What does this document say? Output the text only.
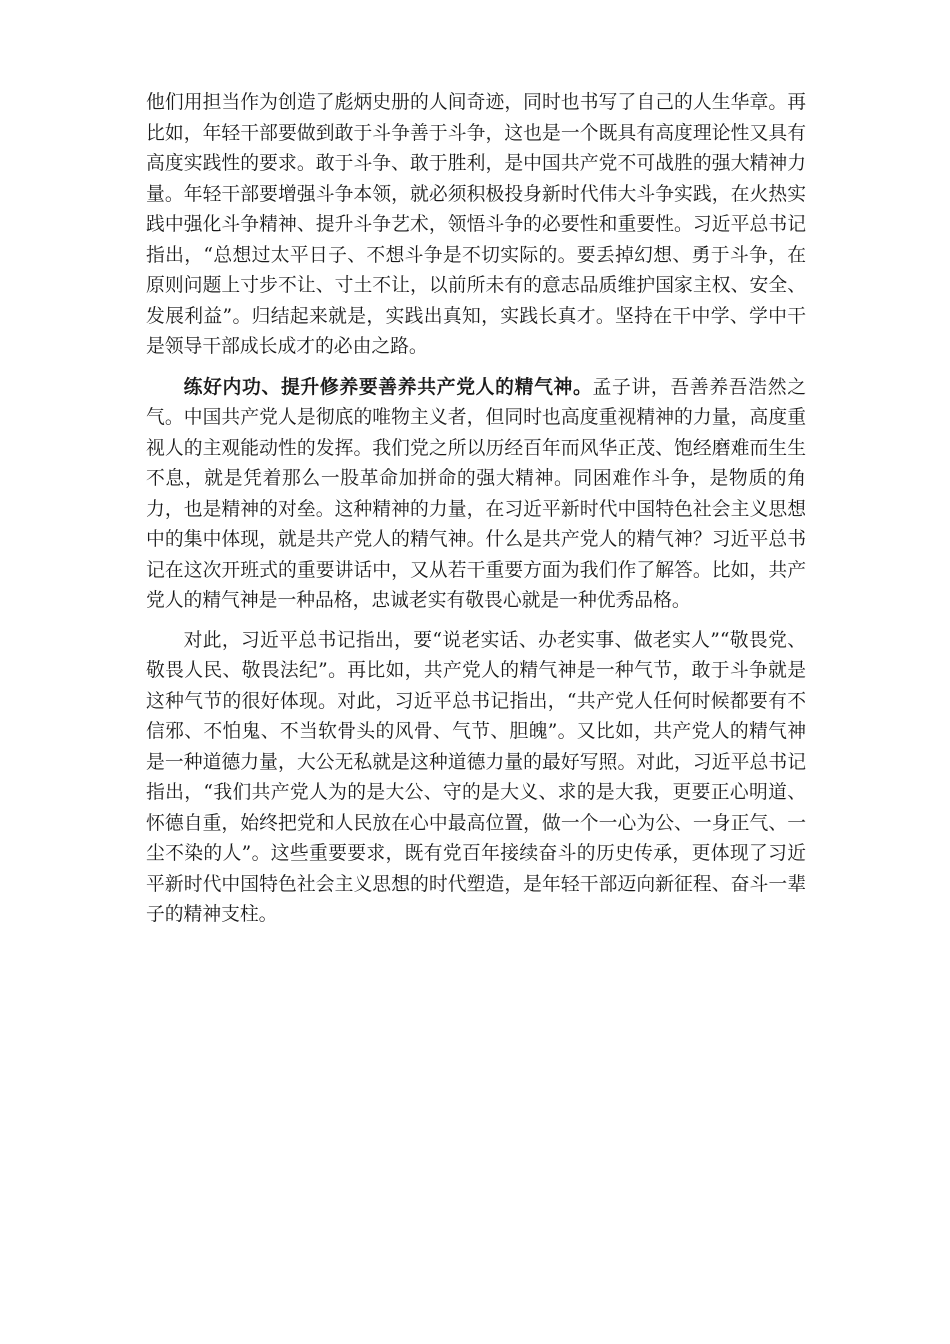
他们用担当作为创造了彪炳史册的人间奇迹，同时也书写了自己的人生华章。再比如，年轻干部要做到敢于斗争善于斗争，这也是一个既具有高度理论性又具有高度实践性的要求。敢于斗争、敢于胜利，是中国共产党不可战胜的强大精神力量。年轻干部要增强斗争本领，就必须积极投身新时代伟大斗争实践，在火热实践中强化斗争精神、提升斗争艺术，领悟斗争的必要性和重要性。习近平总书记指出，“总想过太平日子、不想斗争是不切实际的。要丢掉幻想、勇于斗争，在原则问题上寸步不让、寸土不让，以前所未有的意志品质维护国家主权、安全、发展利益”。归结起来就是，实践出真知，实践长真才。坚持在干中学、学中干是领导干部成长成才的必由之路。

练好内功、提升修养要善养共产党人的精气神。孟子讲，吾善养吾浩然之气。中国共产党人是彻底的唯物主义者，但同时也高度重视精神的力量，高度重视人的主观能动性的发挥。我们党之所以历经百年而风华正茂、饱经磨难而生生不息，就是凭着那么一股革命加拼命的强大精神。同困难作斗争，是物质的角力，也是精神的对垒。这种精神的力量，在习近平新时代中国特色社会主义思想中的集中体现，就是共产党人的精气神。什么是共产党人的精气神？习近平总书记在这次开班式的重要讲话中，又从若干重要方面为我们作了解答。比如，共产党人的精气神是一种品格，忠诚老实有敬畏心就是一种优秀品格。

对此，习近平总书记指出，要“说老实话、办老实事、做老实人”“敬畏党、敬畏人民、敬畏法纪”。再比如，共产党人的精气神是一种气节，敢于斗争就是这种气节的很好体现。对此，习近平总书记指出，“共产党人任何时候都要有不信邪、不怕鬼、不当软骨头的风骨、气节、胆魄”。又比如，共产党人的精气神是一种道德力量，大公无私就是这种道德力量的最好写照。对此，习近平总书记指出，“我们共产党人为的是大公、守的是大义、求的是大我，更要正心明道、怀德自重，始终把党和人民放在心中最高位置，做一个一心为公、一身正气、一尘不染的人”。这些重要要求，既有党百年接续奋斗的历史传承，更体现了习近平新时代中国特色社会主义思想的时代塑造，是年轻干部迈向新征程、奋斗一辈子的精神支柱。
